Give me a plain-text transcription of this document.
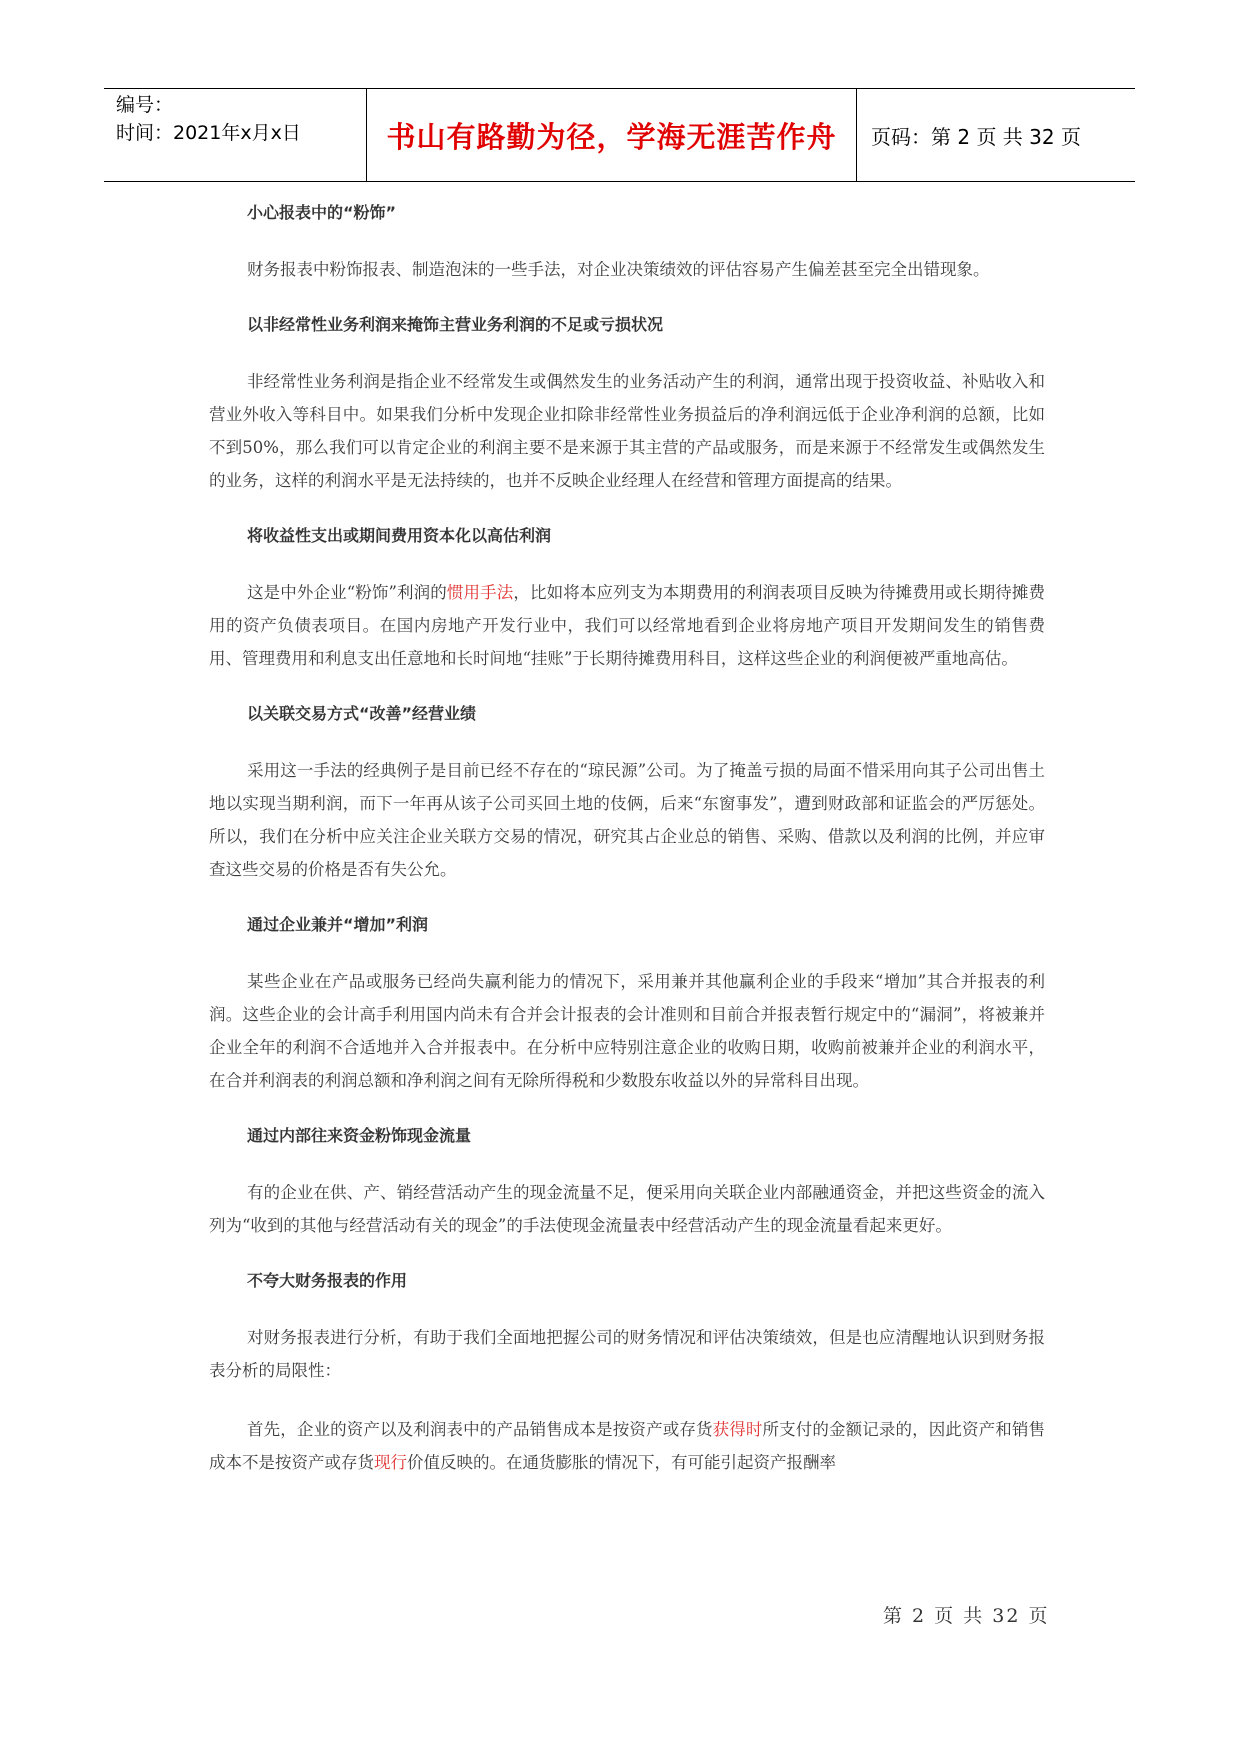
编号：
时间：2021年x月x日	书山有路勤为径，学海无涯苦作舟	页码：第 2 页 共 32 页
小心报表中的“粉饰”
财务报表中粉饰报表、制造泡沫的一些手法，对企业决策绩效的评估容易产生偏差甚至完全出错现象。
以非经常性业务利润来掩饰主营业务利润的不足或亏损状况
非经常性业务利润是指企业不经常发生或偶然发生的业务活动产生的利润，通常出现于投资收益、补贴收入和营业外收入等科目中。如果我们分析中发现企业扣除非经常性业务损益后的净利润远低于企业净利润的总额，比如不到50%，那么我们可以肯定企业的利润主要不是来源于其主营的产品或服务，而是来源于不经常发生或偶然发生的业务，这样的利润水平是无法持续的，也并不反映企业经理人在经营和管理方面提高的结果。
将收益性支出或期间费用资本化以高估利润
这是中外企业“粉饰”利润的惯用手法，比如将本应列支为本期费用的利润表项目反映为待摊费用或长期待摊费用的资产负债表项目。在国内房地产开发行业中，我们可以经常地看到企业将房地产项目开发期间发生的销售费用、管理费用和利息支出任意地和长时间地“挂账”于长期待摊费用科目，这样这些企业的利润便被严重地高估。
以关联交易方式“改善”经营业绩
采用这一手法的经典例子是目前已经不存在的“琼民源”公司。为了掩盖亏损的局面不惜采用向其子公司出售土地以实现当期利润，而下一年再从该子公司买回土地的伎俩，后来“东窗事发”，遭到财政部和证监会的严厉惩处。所以，我们在分析中应关注企业关联方交易的情况，研究其占企业总的销售、采购、借款以及利润的比例，并应审查这些交易的价格是否有失公允。
通过企业兼并“增加”利润
某些企业在产品或服务已经尚失赢利能力的情况下，采用兼并其他赢利企业的手段来“增加”其合并报表的利润。这些企业的会计高手利用国内尚未有合并会计报表的会计准则和目前合并报表暂行规定中的“漏洞”，将被兼并企业全年的利润不合适地并入合并报表中。在分析中应特别注意企业的收购日期，收购前被兼并企业的利润水平，在合并利润表的利润总额和净利润之间有无除所得税和少数股东收益以外的异常科目出现。
通过内部往来资金粉饰现金流量
有的企业在供、产、销经营活动产生的现金流量不足，便采用向关联企业内部融通资金，并把这些资金的流入列为“收到的其他与经营活动有关的现金”的手法使现金流量表中经营活动产生的现金流量看起来更好。
不夸大财务报表的作用
对财务报表进行分析，有助于我们全面地把握公司的财务情况和评估决策绩效，但是也应清醒地认识到财务报表分析的局限性：
首先，企业的资产以及利润表中的产品销售成本是按资产或存货获得时所支付的金额记录的，因此资产和销售成本不是按资产或存货现行价值反映的。在通货膨胀的情况下，有可能引起资产报酬率
第 2 页 共 32 页
